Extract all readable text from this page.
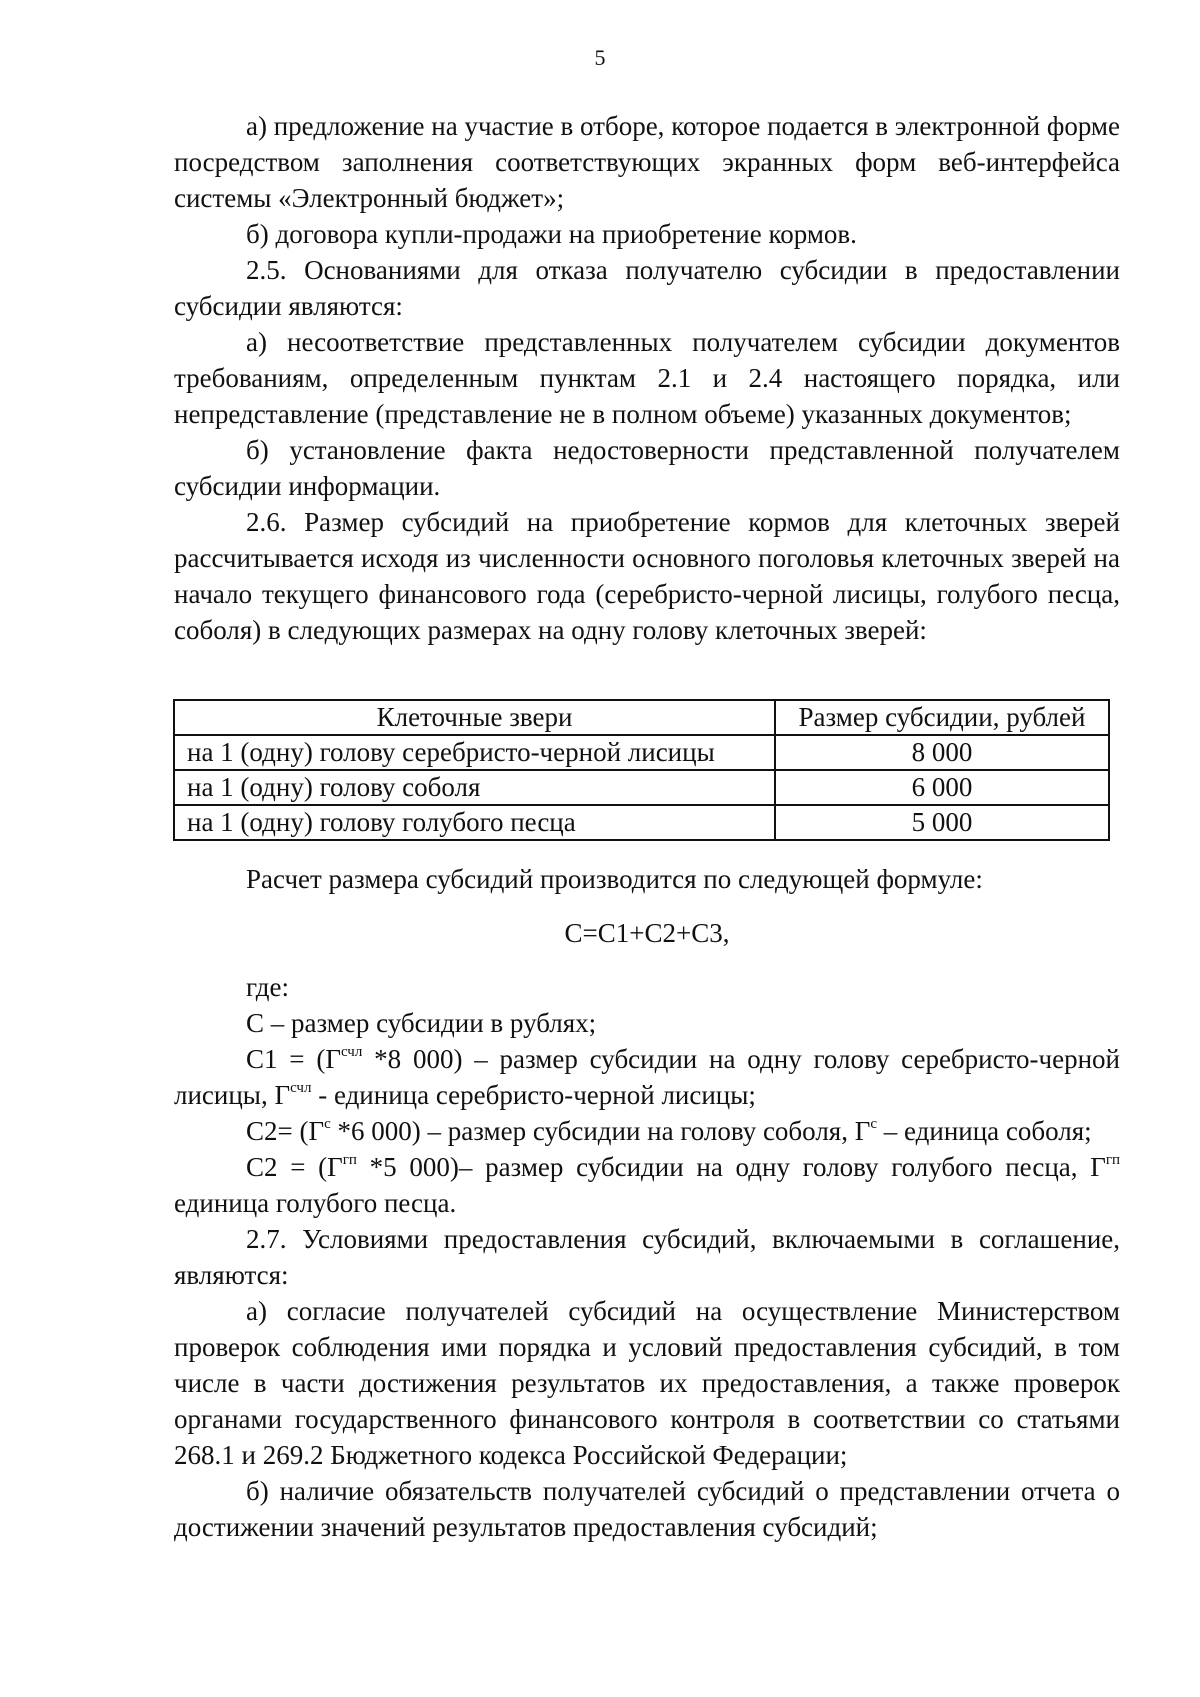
5

а) предложение на участие в отборе, которое подается в электронной форме посредством заполнения соответствующих экранных форм веб-интерфейса системы «Электронный бюджет»;

б) договора купли-продажи на приобретение кормов.

2.5. Основаниями для отказа получателю субсидии в предоставлении субсидии являются:

а) несоответствие представленных получателем субсидии документов требованиям, определенным пунктам 2.1 и 2.4 настоящего порядка, или непредставление (представление не в полном объеме) указанных документов;

б) установление факта недостоверности представленной получателем субсидии информации.

2.6. Размер субсидий на приобретение кормов для клеточных зверей рассчитывается исходя из численности основного поголовья клеточных зверей на начало текущего финансового года (серебристо-черной лисицы, голубого песца, соболя) в следующих размерах на одну голову клеточных зверей:

Клеточные звери	Размер субсидии, рублей
на 1 (одну) голову серебристо-черной лисицы	8 000
на 1 (одну) голову соболя	6 000
на 1 (одну) голову голубого песца	5 000

Расчет размера субсидий производится по следующей формуле:

С=С1+С2+С3,

где:

С – размер субсидии в рублях;

$С1 = (Г^{счл}$ *8 000) – размер субсидии на одну голову серебристо-черной лисицы, $Г^{счл}$ - единица серебристо-черной лисицы;

$С2= (Г^с$ *6 000) – размер субсидии на голову соболя, $Г^с$ – единица соболя;

$С2 = (Г^{гп}$ *5 000)– размер субсидии на одну голову голубого песца, $Г^{гп}$ единица голубого песца.

2.7. Условиями предоставления субсидий, включаемыми в соглашение, являются:

а) согласие получателей субсидий на осуществление Министерством проверок соблюдения ими порядка и условий предоставления субсидий, в том числе в части достижения результатов их предоставления, а также проверок органами государственного финансового контроля в соответствии со статьями 268.1 и 269.2 Бюджетного кодекса Российской Федерации;

б) наличие обязательств получателей субсидий о представлении отчета о достижении значений результатов предоставления субсидий;
